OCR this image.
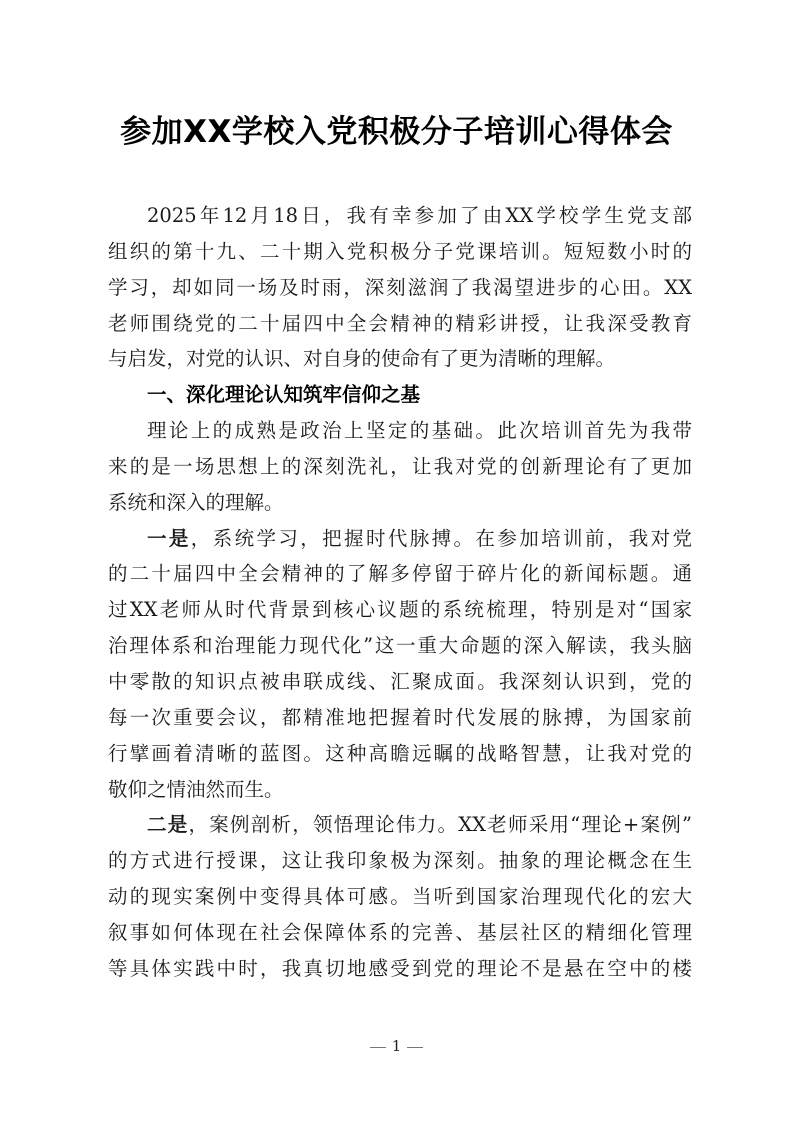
参加XX学校入党积极分子培训心得体会
2025年12月18日，我有幸参加了由XX学校学生党支部
组织的第十九、二十期入党积极分子党课培训。短短数小时的
学习，却如同一场及时雨，深刻滋润了我渴望进步的心田。XX
老师围绕党的二十届四中全会精神的精彩讲授，让我深受教育
与启发，对党的认识、对自身的使命有了更为清晰的理解。
一、深化理论认知筑牢信仰之基
理论上的成熟是政治上坚定的基础。此次培训首先为我带
来的是一场思想上的深刻洗礼，让我对党的创新理论有了更加
系统和深入的理解。
一是，系统学习，把握时代脉搏。在参加培训前，我对党
的二十届四中全会精神的了解多停留于碎片化的新闻标题。通
过XX老师从时代背景到核心议题的系统梳理，特别是对“国家
治理体系和治理能力现代化”这一重大命题的深入解读，我头脑
中零散的知识点被串联成线、汇聚成面。我深刻认识到，党的
每一次重要会议，都精准地把握着时代发展的脉搏，为国家前
行擘画着清晰的蓝图。这种高瞻远瞩的战略智慧，让我对党的
敬仰之情油然而生。
二是，案例剖析，领悟理论伟力。XX老师采用“理论+案例”
的方式进行授课，这让我印象极为深刻。抽象的理论概念在生
动的现实案例中变得具体可感。当听到国家治理现代化的宏大
叙事如何体现在社会保障体系的完善、基层社区的精细化管理
等具体实践中时，我真切地感受到党的理论不是悬在空中的楼
1
